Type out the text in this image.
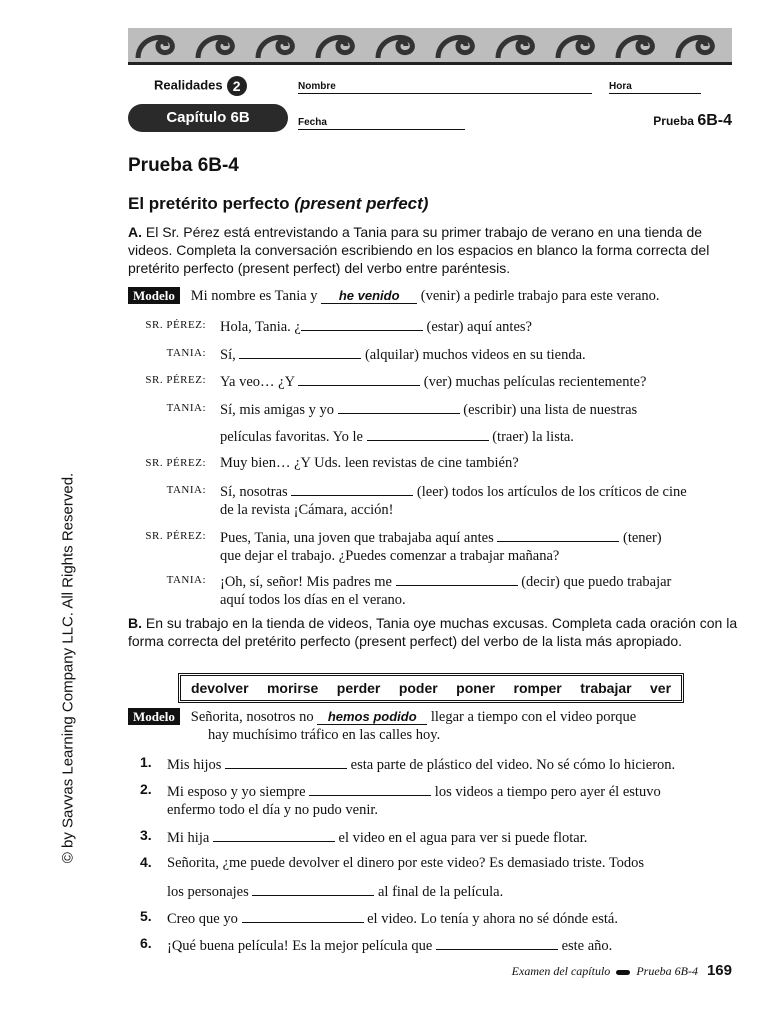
Realidades 2
Capítulo 6B
Nombre	Hora
Fecha	Prueba 6B-4
Prueba 6B-4
El pretérito perfecto (present perfect)
A. El Sr. Pérez está entrevistando a Tania para su primer trabajo de verano en una tienda de videos. Completa la conversación escribiendo en los espacios en blanco la forma correcta del pretérito perfecto (present perfect) del verbo entre paréntesis.
Modelo Mi nombre es Tania y he venido (venir) a pedirle trabajo para este verano.
SR. PÉREZ: Hola, Tania. ¿	(estar) aquí antes?
TANIA: Sí,	(alquilar) muchos videos en su tienda.
SR. PÉREZ: Ya veo… ¿Y	(ver) muchas películas recientemente?
TANIA: Sí, mis amigas y yo	(escribir) una lista de nuestras
películas favoritas. Yo le	(traer) la lista.
SR. PÉREZ: Muy bien… ¿Y Uds. leen revistas de cine también?
TANIA: Sí, nosotras	(leer) todos los artículos de los críticos de cine
de la revista ¡Cámara, acción!
SR. PÉREZ: Pues, Tania, una joven que trabajaba aquí antes	(tener)
que dejar el trabajo. ¿Puedes comenzar a trabajar mañana?
TANIA: ¡Oh, sí, señor! Mis padres me	(decir) que puedo trabajar
aquí todos los días en el verano.
B. En su trabajo en la tienda de videos, Tania oye muchas excusas. Completa cada oración con la forma correcta del pretérito perfecto (present perfect) del verbo de la lista más apropiado.
devolver morirse perder poder poner romper trabajar ver
Modelo Señorita, nosotros no hemos podido llegar a tiempo con el video porque
hay muchísimo tráfico en las calles hoy.
1. Mis hijos	esta parte de plástico del video. No sé cómo lo hicieron.
2. Mi esposo y yo siempre	los videos a tiempo pero ayer él estuvo
enfermo todo el día y no pudo venir.
3. Mi hija	el video en el agua para ver si puede flotar.
4. Señorita, ¿me puede devolver el dinero por este video? Es demasiado triste. Todos
los personajes	al final de la película.
5. Creo que yo	el video. Lo tenía y ahora no sé dónde está.
6. ¡Qué buena película! Es la mejor película que	este año.
© by Savvas Learning Company LLC. All Rights Reserved.
Examen del capítulo Prueba 6B-4 169
